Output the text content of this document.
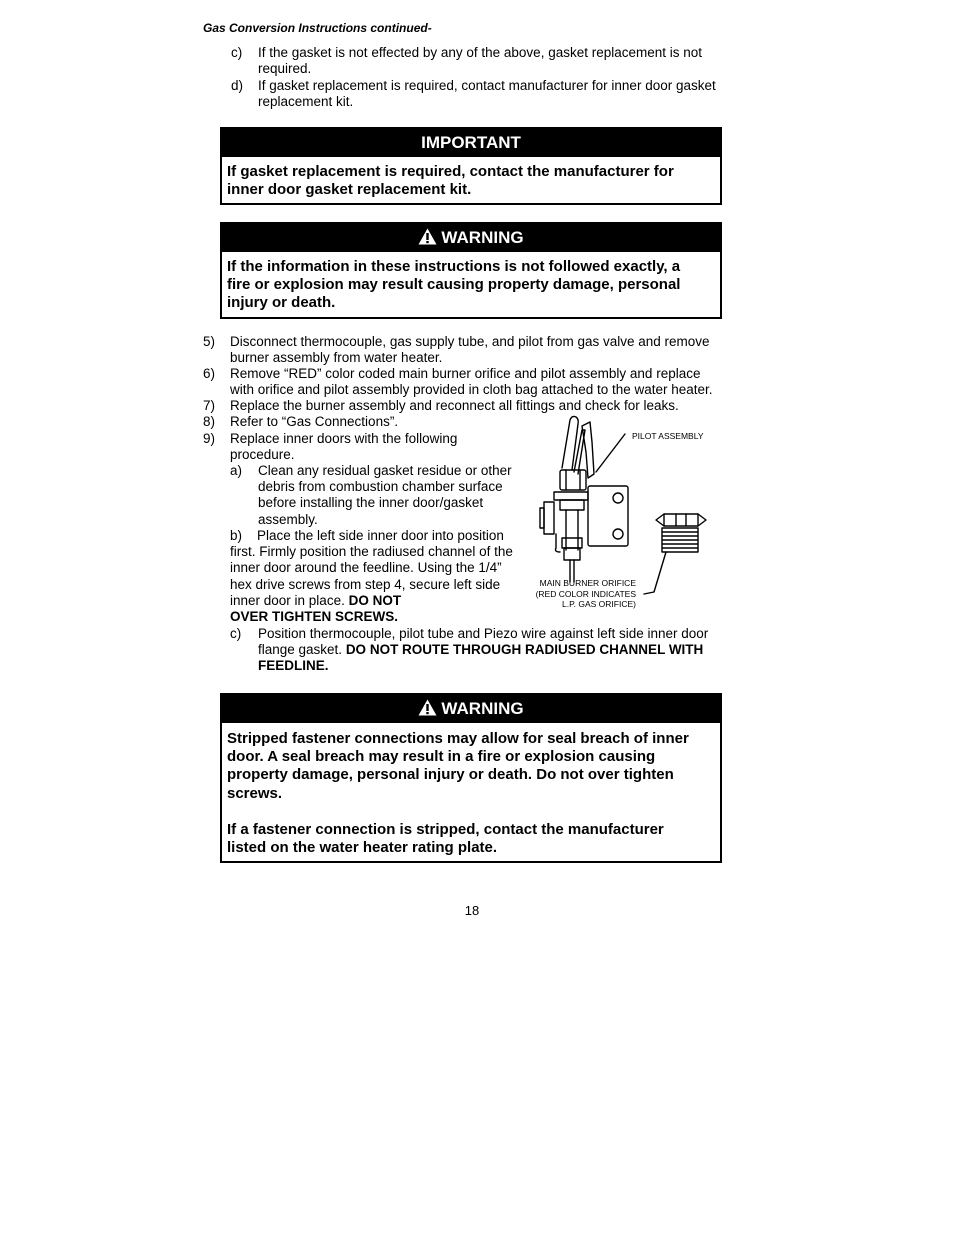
Gas Conversion Instructions continued-
c) If the gasket is not effected by any of the above, gasket replacement is not
required.
d) If gasket replacement is required, contact manufacturer for inner door gasket
replacement kit.
IMPORTANT

If gasket replacement is required, contact the manufacturer for

inner door gasket replacement kit.

WARNING

If the information in these instructions is not followed exactly, a

fire or explosion may result causing property damage, personal

injury or death.

5) Disconnect thermocouple, gas supply tube, and pilot from gas valve and remove
burner assembly from water heater.
6) Remove “RED” color coded main burner orifice and pilot assembly and replace
with orifice and pilot assembly provided in cloth bag attached to the water heater.
7) Replace the burner assembly and reconnect all fittings and check for leaks.
8) Refer to “Gas Connections”.
9) Replace inner doors with the following
procedure.
a) Clean any residual gasket residue or other
debris from combustion chamber surface
before installing the inner door/gasket
assembly.
b)    Place the left side inner door into position
first. Firmly position the radiused channel of the
inner door around the feedline. Using the 1/4”
hex drive screws from step 4, secure left side
inner door in place. DO NOT
OVER TIGHTEN SCREWS.
c) Position thermocouple, pilot tube and Piezo wire against left side inner door
flange gasket. DO NOT ROUTE THROUGH RADIUSED CHANNEL WITH
FEEDLINE.
PILOT ASSEMBLY
MAIN BURNER ORIFICE
(RED COLOR INDICATES
L.P. GAS ORIFICE)
WARNING

Stripped fastener connections may allow for seal breach of inner

door. A seal breach may result in a fire or explosion causing

property damage, personal injury or death. Do not over tighten

screws.

If a fastener connection is stripped, contact the manufacturer

listed on the water heater rating plate.

18
